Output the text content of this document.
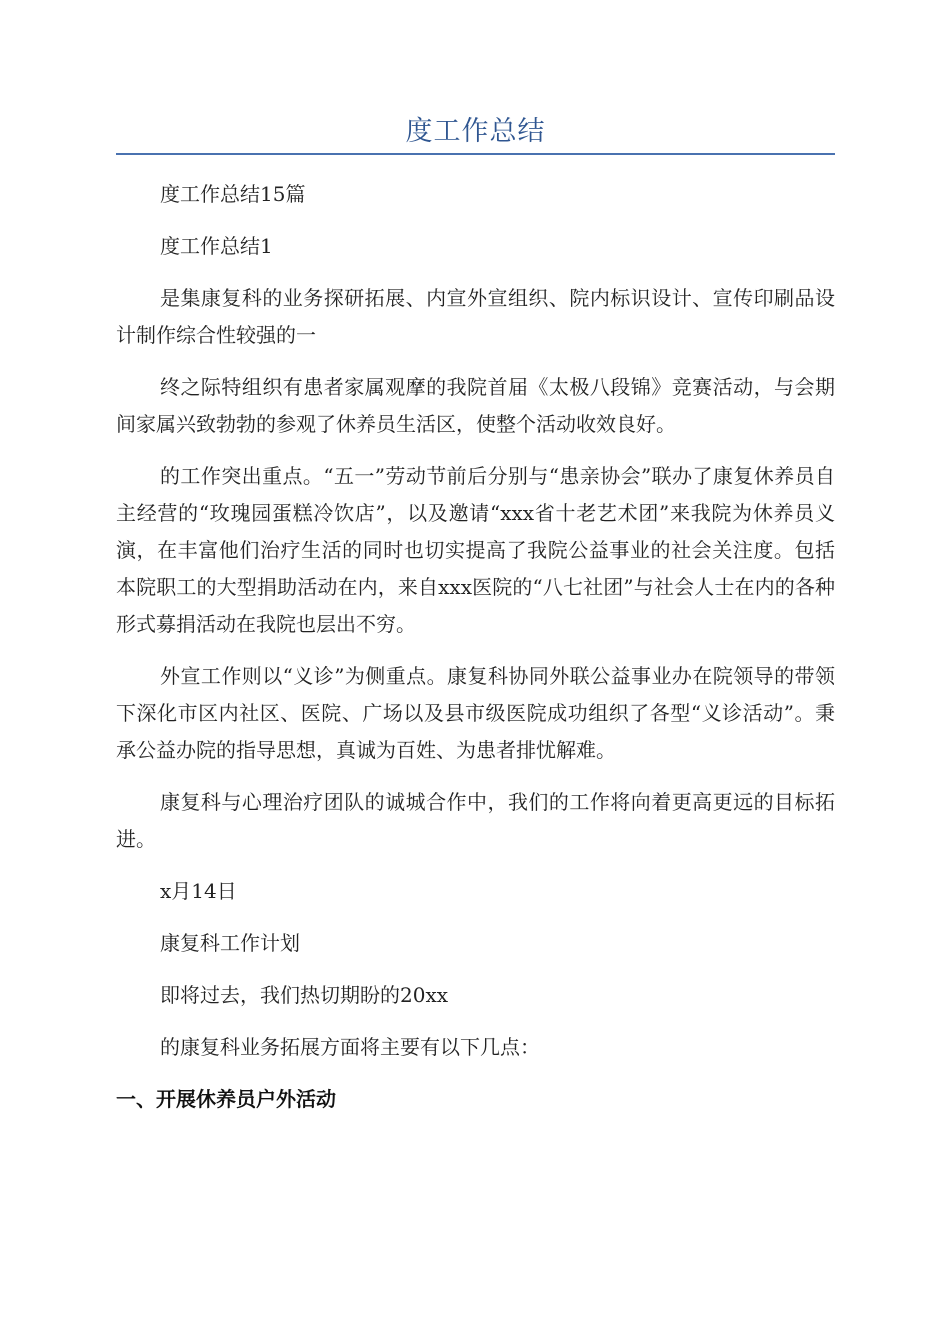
度工作总结

度工作总结15篇

度工作总结1

是集康复科的业务探研拓展、内宣外宣组织、院内标识设计、宣传印刷品设计制作综合性较强的一

终之际特组织有患者家属观摩的我院首届《太极八段锦》竞赛活动，与会期间家属兴致勃勃的参观了休养员生活区，使整个活动收效良好。

的工作突出重点。“五一”劳动节前后分别与“患亲协会”联办了康复休养员自主经营的“玫瑰园蛋糕冷饮店”，以及邀请“xxx省十老艺术团”来我院为休养员义演，在丰富他们治疗生活的同时也切实提高了我院公益事业的社会关注度。包括本院职工的大型捐助活动在内，来自xxx医院的“八七社团”与社会人士在内的各种形式募捐活动在我院也层出不穷。

外宣工作则以“义诊”为侧重点。康复科协同外联公益事业办在院领导的带领下深化市区内社区、医院、广场以及县市级医院成功组织了各型“义诊活动”。秉承公益办院的指导思想，真诚为百姓、为患者排忧解难。

康复科与心理治疗团队的诚城合作中，我们的工作将向着更高更远的目标拓进。

x月14日

康复科工作计划

即将过去，我们热切期盼的20xx

的康复科业务拓展方面将主要有以下几点：

一、开展休养员户外活动
